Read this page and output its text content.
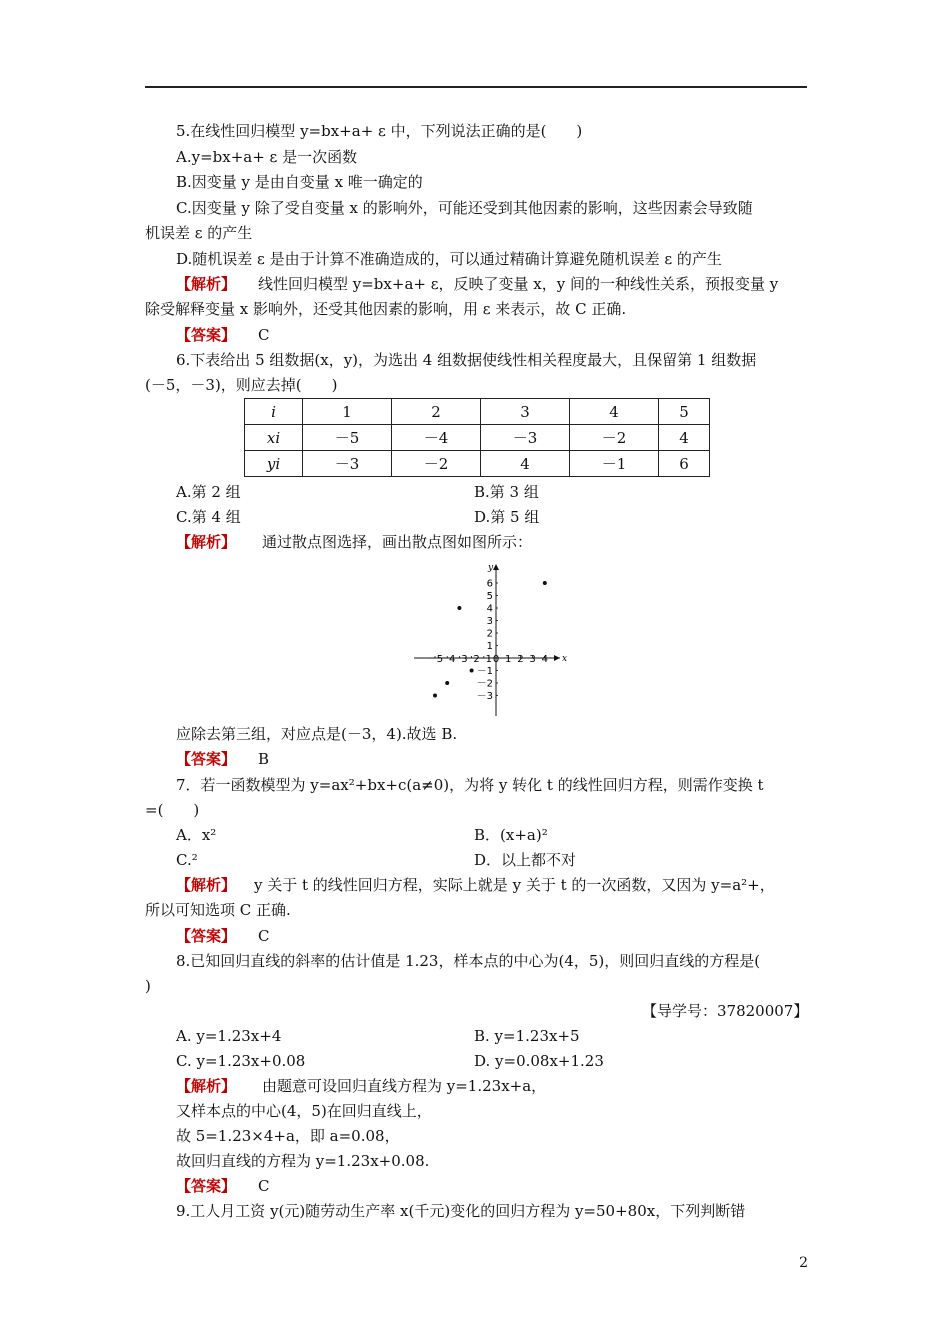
5.在线性回归模型 y=bx+a+ ε 中，下列说法正确的是(　　)
A.y=bx+a+ ε 是一次函数
B.因变量 y 是由自变量 x 唯一确定的
C.因变量 y 除了受自变量 x 的影响外，可能还受到其他因素的影响，这些因素会导致随
机误差 ε 的产生
D.随机误差 ε 是由于计算不准确造成的，可以通过精确计算避免随机误差 ε 的产生
【解析】 线性回归模型 y=bx+a+ ε，反映了变量 x，y 间的一种线性关系，预报变量 y
除受解释变量 x 影响外，还受其他因素的影响，用 ε 来表示，故 C 正确.
【答案】 C
6.下表给出 5 组数据(x，y)，为选出 4 组数据使线性相关程度最大，且保留第 1 组数据
(－5，－3)，则应去掉(　　)
i	1	2	3	4	5
xi	－5	－4	－3	－2	4
yi	－3	－2	4	－1	6
A.第 2 组	B.第 3 组
C.第 4 组	D.第 5 组
【解析】 通过散点图选择，画出散点图如图所示：
x
y
－5
－4
－3
－2
－1 0 1 2 3 4
6
5
4
3
2
1
－1
－2
－3
应除去第三组，对应点是(－3，4).故选 B.
【答案】 B
7．若一函数模型为 y=ax²+bx+c(a≠0)，为将 y 转化 t 的线性回归方程，则需作变换 t
=(　　)
A．x²	B．(x+a)²
C.²	D．以上都不对
【解析】 y 关于 t 的线性回归方程，实际上就是 y 关于 t 的一次函数，又因为 y=a²+，
所以可知选项 C 正确.
【答案】 C
8.已知回归直线的斜率的估计值是 1.23，样本点的中心为(4，5)，则回归直线的方程是(
)
【导学号：37820007】
A. y=1.23x+4	B. y=1.23x+5
C. y=1.23x+0.08	D. y=0.08x+1.23
【解析】 由题意可设回归直线方程为 y=1.23x+a，
又样本点的中心(4，5)在回归直线上，
故 5=1.23×4+a，即 a=0.08，
故回归直线的方程为 y=1.23x+0.08.
【答案】 C
9.工人月工资 y(元)随劳动生产率 x(千元)变化的回归方程为 y=50+80x，下列判断错
2
